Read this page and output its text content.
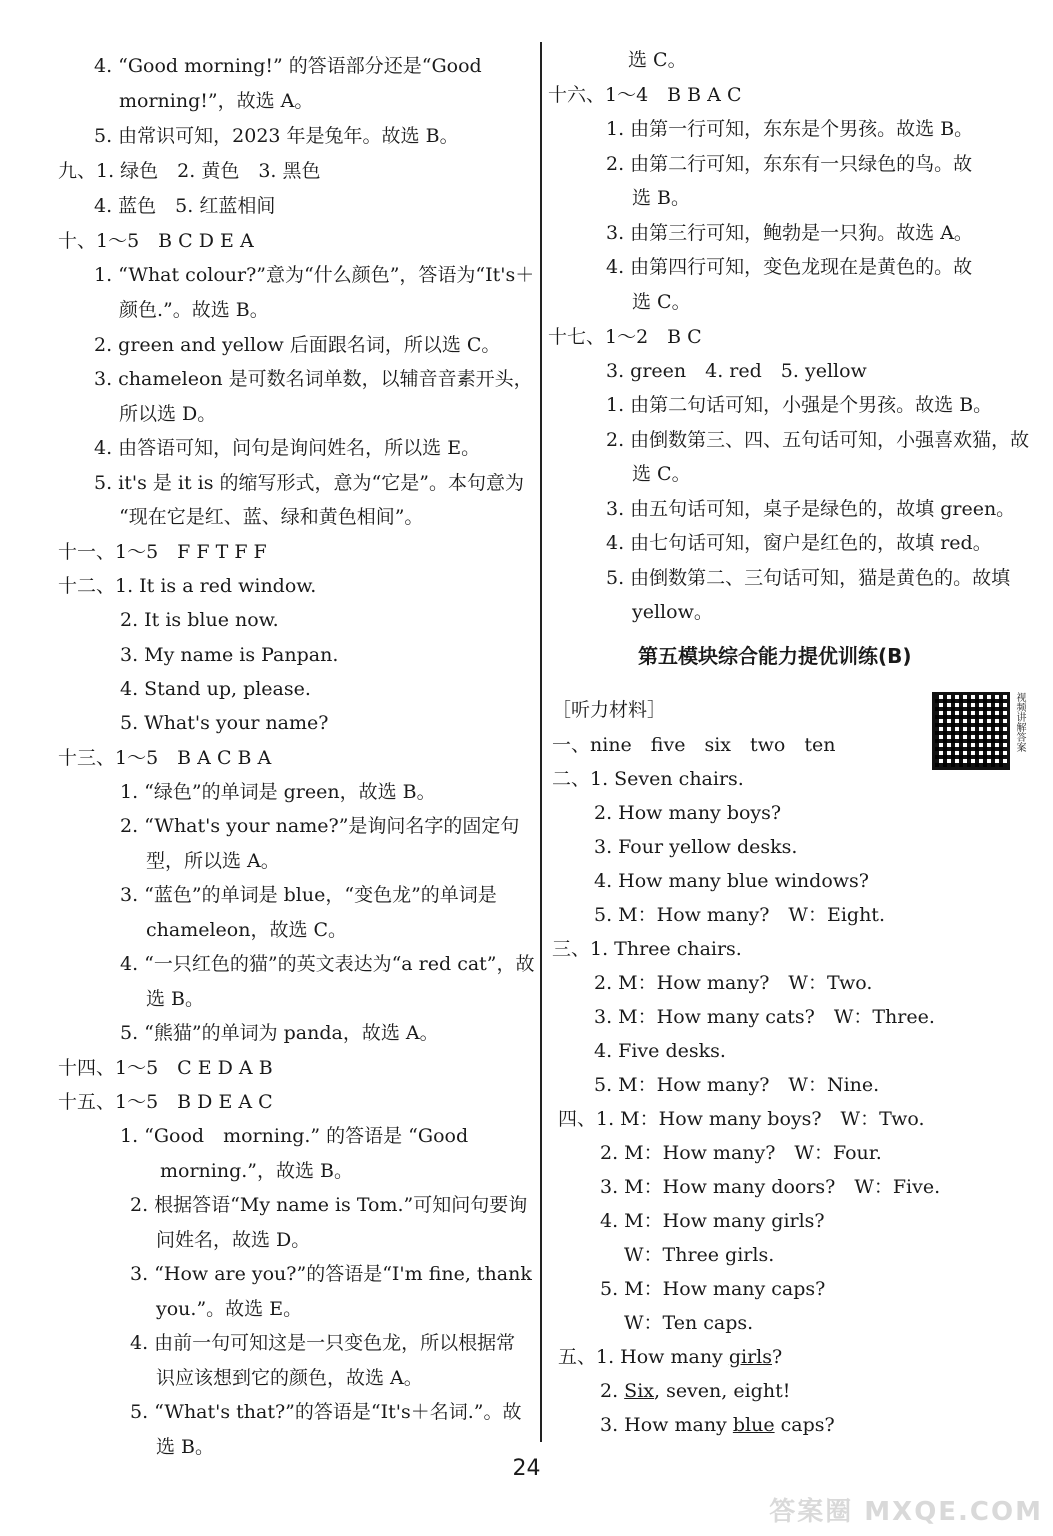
4. “Good morning!” 的答语部分还是“Good
morning!”，故选 A。
5. 由常识可知，2023 年是兔年。故选 B。
九、1. 绿色　2. 黄色　3. 黑色
4. 蓝色　5. 红蓝相间
十、1～5　B C D E A
1. “What colour?”意为“什么颜色”，答语为“It's＋
颜色.”。故选 B。
2. green and yellow 后面跟名词，所以选 C。
3. chameleon 是可数名词单数，以辅音音素开头，
所以选 D。
4. 由答语可知，问句是询问姓名，所以选 E。
5. it's 是 it is 的缩写形式，意为“它是”。本句意为
“现在它是红、蓝、绿和黄色相间”。
十一、1～5　F F T F F
十二、1. It is a red window.
2. It is blue now.
3. My name is Panpan.
4. Stand up, please.
5. What's your name?
十三、1～5　B A C B A
1. “绿色”的单词是 green，故选 B。
2. “What's your name?”是询问名字的固定句
型，所以选 A。
3. “蓝色”的单词是 blue，“变色龙”的单词是
chameleon，故选 C。
4. “一只红色的猫”的英文表达为“a red cat”，故
选 B。
5. “熊猫”的单词为 panda，故选 A。
十四、1～5　C E D A B
十五、1～5　B D E A C
1. “Good　morning.” 的答语是 “Good
morning.”，故选 B。
2. 根据答语“My name is Tom.”可知问句要询
问姓名，故选 D。
3. “How are you?”的答语是“I'm fine, thank
you.”。故选 E。
4. 由前一句可知这是一只变色龙，所以根据常
识应该想到它的颜色，故选 A。
5. “What's that?”的答语是“It's＋名词.”。故
选 B。
第五模块综合能力提优训练(B)
五、1. How many girls?
2. Six, seven, eight!
3. How many blue caps?
选 C。
十六、1～4　B B A C
1. 由第一行可知，东东是个男孩。故选 B。
2. 由第二行可知，东东有一只绿色的鸟。故
选 B。
3. 由第三行可知，鲍勃是一只狗。故选 A。
4. 由第四行可知，变色龙现在是黄色的。故
选 C。
十七、1～2　B C
3. green　4. red　5. yellow
1. 由第二句话可知，小强是个男孩。故选 B。
2. 由倒数第三、四、五句话可知，小强喜欢猫，故
选 C。
3. 由五句话可知，桌子是绿色的，故填 green。
4. 由七句话可知，窗户是红色的，故填 red。
5. 由倒数第二、三句话可知，猫是黄色的。故填
yellow。
［听力材料］
一、nine　five　six　two　ten
二、1. Seven chairs.
2. How many boys?
3. Four yellow desks.
4. How many blue windows?
5. M：How many?　W：Eight.
三、1. Three chairs.
2. M：How many?　W：Two.
3. M：How many cats?　W：Three.
4. Five desks.
5. M：How many?　W：Nine.
四、1. M：How many boys?　W：Two.
2. M：How many?　W：Four.
3. M：How many doors?　W：Five.
4. M：How many girls?
W：Three girls.
5. M：How many caps?
W：Ten caps.
视频讲解答案
24
答案圈 MXQE.COM
